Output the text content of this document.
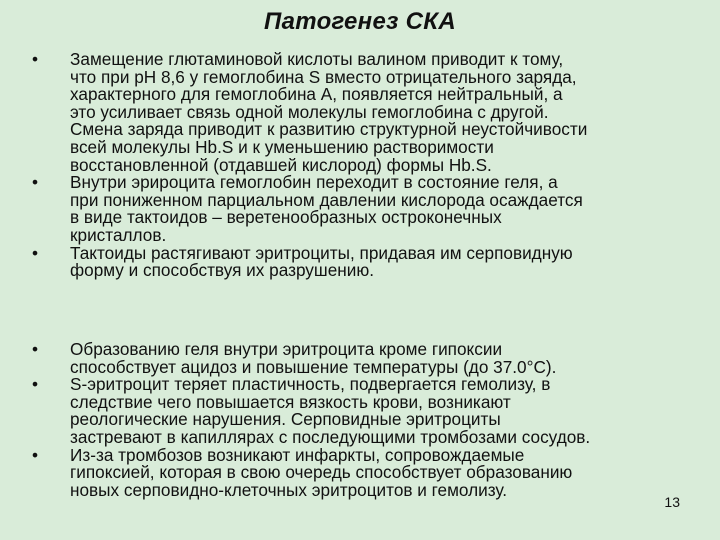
Патогенез СКА
• Замещение глютаминовой кислоты валином приводит к тому,
что при pH 8,6 у гемоглобина S вместо отрицательного заряда,
характерного для гемоглобина А, появляется нейтральный, а
это усиливает связь одной молекулы гемоглобина с другой.
Смена заряда приводит к развитию структурной неустойчивости
всей молекулы Hb.S и к уменьшению растворимости
восстановленной (отдавшей кислород) формы Hb.S.
• Внутри эрироцита гемоглобин переходит в состояние геля, а
при пониженном парциальном давлении кислорода осаждается
в виде тактоидов – веретенообразных остроконечных
кристаллов.
• Тактоиды растягивают эритроциты, придавая им серповидную
форму и способствуя их разрушению.
• Образованию геля внутри эритроцита кроме гипоксии
способствует ацидоз и повышение температуры (до 37.0°С).
• S-эритроцит теряет пластичность, подвергается гемолизу, в
следствие чего повышается вязкость крови, возникают
реологические нарушения. Серповидные эритроциты
застревают в капиллярах с последующими тромбозами сосудов.
• Из-за тромбозов возникают инфаркты, сопровождаемые
гипоксией, которая в свою очередь способствует образованию
новых серповидно-клеточных эритроцитов и гемолизу.
13
